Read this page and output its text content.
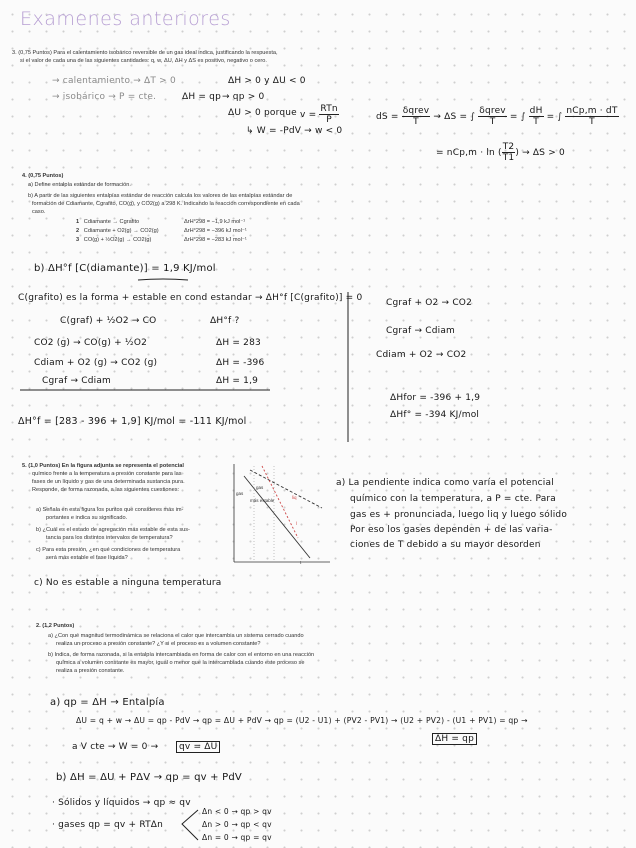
Examenes anteriores
3. (0,75 Puntos) Para el calentamiento isobárico reversible de un gas ideal indica, justificando la respuesta,
si el valor de cada una de las siguientes cantidades: q, w, ΔU, ΔH y ΔS es positivo, negativo o cero.
→ calentamiento → ΔT > 0	ΔH > 0 y ΔU < 0
→ isobárico → P = cte.	ΔH = qp → qp > 0
ΔU > 0 porque $v = \frac{\text{RTn}}{P}$
↳ W = -PdV → w < 0
dS = $\frac{\text{δqrev}}{T} \to \Delta S$ = ∫ $\frac{\text{δqrev}}{T}$ = ∫ $\frac{dH}{T}$ = ∫ $\frac{\text{nCp,m · dT}}{T}$
= nCp,m · ln ( $\frac{T2}{T1}$ ) → ΔS > 0
4. (0,75 Puntos)
a) Define entalpía estándar de formación.
b) A partir de las siguientes entalpías estándar de reacción calcula los valores de las entalpías estándar de
formación de Cdiamante, Cgrafito, CO(g), y CO2(g) a 298 K. Indicando la reacción correspondiente en cada
caso.
1 Cdiamante → Cgrafito	ΔrH°298 = −1,9 kJ mol⁻¹
2 Cdiamante + O2(g) → CO2(g)	ΔrH°298 = −396 kJ mol⁻¹
3 CO(g) + ½O2(g) → CO2(g)	ΔrH°298 = −283 kJ mol⁻¹
b) ΔH°f [C(diamante)] = 1,9 KJ/mol
C(grafito) es la forma + estable en cond estandar → ΔH°f [C(grafito)] = 0
C(graf) + ½O2 → CO	ΔH°f ?
CO2 (g) → CO(g) + ½O2	ΔH = 283
Cdiam + O2 (g) → CO2 (g)	ΔH = -396
Cgraf → Cdiam	ΔH = 1,9
ΔH°f = [283 - 396 + 1,9] KJ/mol = -111 KJ/mol
Cgraf + O2 → CO2
Cgraf → Cdiam
Cdiam + O2 → CO2
ΔHfor = -396 + 1,9
ΔHf° = -394 KJ/mol
5. (1,0 Puntos) En la figura adjunta se representa el potencial
químico frente a la temperatura a presión constante para las
fases de un líquido y gas de una determinada sustancia pura.
Responde, de forma razonada, a las siguientes cuestiones:
a) Señala en esta figura los puntos que consideres más im-
portantes e indica su significado.
b) ¿Cuál es el estado de agregación más estable de esta sus-
tancia para los distintos intervalos de temperatura?
c) Para esta presión, ¿en qué condiciones de temperatura
será más estable el fase líquida?
gas
gas
liq
más estable
l
t
a) La pendiente indica como varía el potencial
químico con la temperatura, a P = cte. Para
gas es + pronunciada, luego liq y luego sólido
Por eso los gases dependen + de las varia-
ciones de T debido a su mayor desorden
c) No es estable a ninguna temperatura
2. (1,2 Puntos)
a) ¿Con qué magnitud termodinámica se relaciona el calor que intercambia un sistema cerrado cuando
realiza un proceso a presión constante? ¿Y si el proceso es a volumen constante?
b) Indica, de forma razonada, si la entalpía intercambiada en forma de calor con el entorno en una reacción
química a volumen constante es mayor, igual o menor que la intercambiada cuando este proceso se
realiza a presión constante.
a) qp = ΔH → Entalpía
ΔU = q + w → ΔU = qp - PdV → qp = ΔU + PdV → qp = (U2 - U1) + (PV2 - PV1) → (U2 + PV2) - (U1 + PV1) = qp →
ΔH = qp
a V cte → W = 0 →	qv = ΔU
b) ΔH = ΔU + PΔV → qp = qv + PdV
· Sólidos y líquidos → qp ≈ qv
· gases qp = qv + RTΔn
Δn < 0 → qp > qv
Δn > 0 → qp < qv
Δn = 0 → qp = qv
